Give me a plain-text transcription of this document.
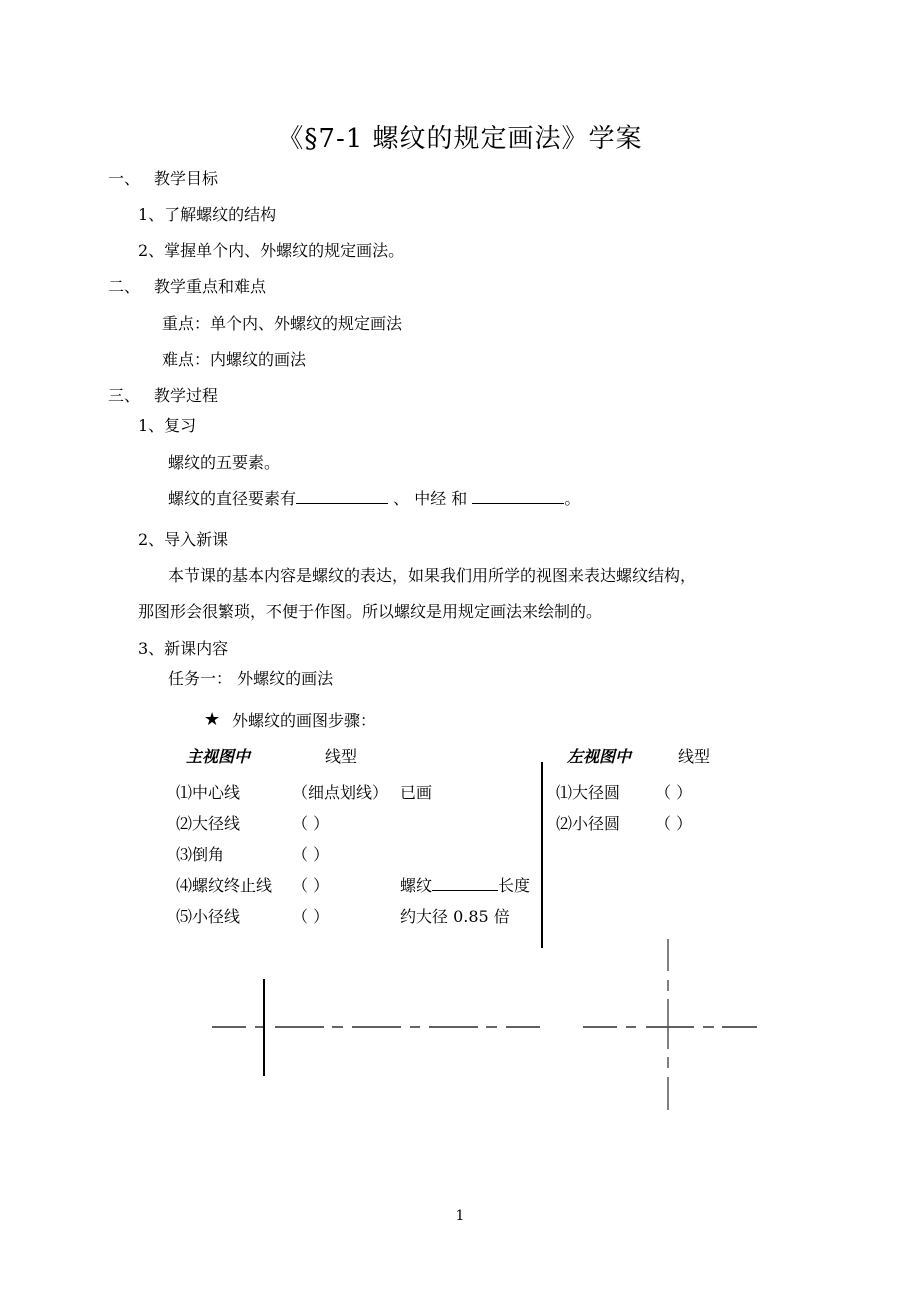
《§7-1 螺纹的规定画法》学案
一、 教学目标
1、了解螺纹的结构
2、掌握单个内、外螺纹的规定画法。
二、 教学重点和难点
重点：单个内、外螺纹的规定画法
难点：内螺纹的画法
三、 教学过程
1、复习
螺纹的五要素。
螺纹的直径要素有	、 中经 和	。
2、导入新课
本节课的基本内容是螺纹的表达，如果我们用所学的视图来表达螺纹结构，
那图形会很繁琐，不便于作图。所以螺纹是用规定画法来绘制的。
3、新课内容
任务一： 外螺纹的画法
★ 外螺纹的画图步骤：
主视图中	线型
⑴中心线	（细点划线） 已画
⑵大径线	（ ）
⑶倒角	（ ）
⑷螺纹终止线 （ ）	螺纹	长度
⑸小径线	（ ）	约大径 0.85 倍
左视图中	线型
⑴大径圆 （ ）
⑵小径圆 （ ）
1
